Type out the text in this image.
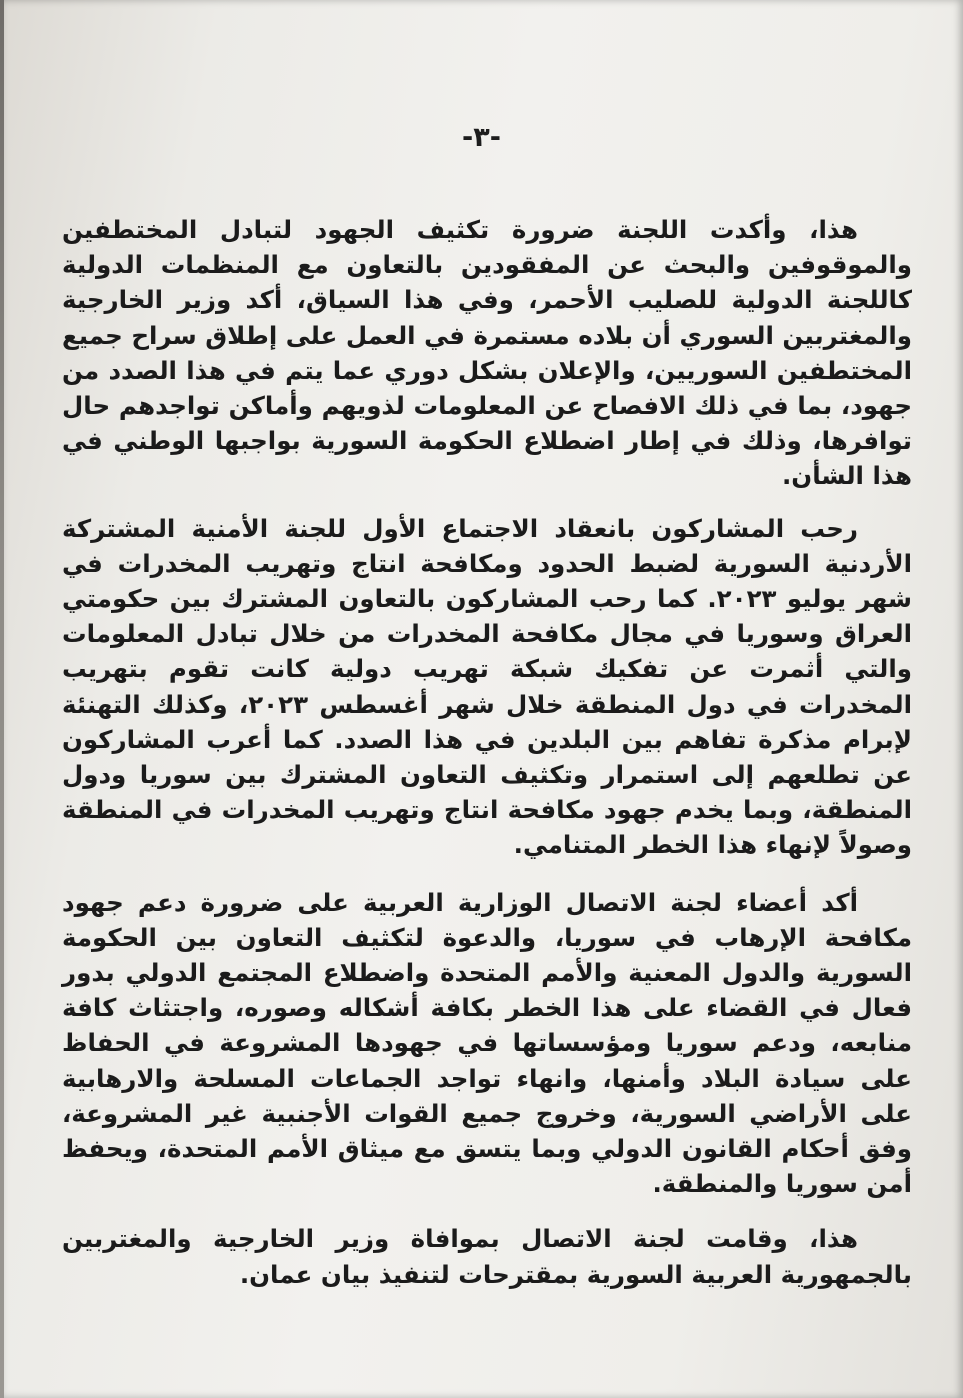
-٣-

هذا، وأكدت اللجنة ضرورة تكثيف الجهود لتبادل المختطفين والموقوفين والبحث عن المفقودين بالتعاون مع المنظمات الدولية كاللجنة الدولية للصليب الأحمر، وفي هذا السياق، أكد وزير الخارجية والمغتربين السوري أن بلاده مستمرة في العمل على إطلاق سراح جميع المختطفين السوريين، والإعلان بشكل دوري عما يتم في هذا الصدد من جهود، بما في ذلك الافصاح عن المعلومات لذويهم وأماكن تواجدهم حال توافرها، وذلك في إطار اضطلاع الحكومة السورية بواجبها الوطني في هذا الشأن.

رحب المشاركون بانعقاد الاجتماع الأول للجنة الأمنية المشتركة الأردنية السورية لضبط الحدود ومكافحة انتاج وتهريب المخدرات في شهر يوليو ٢٠٢٣. كما رحب المشاركون بالتعاون المشترك بين حكومتي العراق وسوريا في مجال مكافحة المخدرات من خلال تبادل المعلومات والتي أثمرت عن تفكيك شبكة تهريب دولية كانت تقوم بتهريب المخدرات في دول المنطقة خلال شهر أغسطس ٢٠٢٣، وكذلك التهنئة لإبرام مذكرة تفاهم بين البلدين في هذا الصدد. كما أعرب المشاركون عن تطلعهم إلى استمرار وتكثيف التعاون المشترك بين سوريا ودول المنطقة، وبما يخدم جهود مكافحة انتاج وتهريب المخدرات في المنطقة وصولاً لإنهاء هذا الخطر المتنامي.

أكد أعضاء لجنة الاتصال الوزارية العربية على ضرورة دعم جهود مكافحة الإرهاب في سوريا، والدعوة لتكثيف التعاون بين الحكومة السورية والدول المعنية والأمم المتحدة واضطلاع المجتمع الدولي بدور فعال في القضاء على هذا الخطر بكافة أشكاله وصوره، واجتثاث كافة منابعه، ودعم سوريا ومؤسساتها في جهودها المشروعة في الحفاظ على سيادة البلاد وأمنها، وانهاء تواجد الجماعات المسلحة والارهابية على الأراضي السورية، وخروج جميع القوات الأجنبية غير المشروعة، وفق أحكام القانون الدولي وبما يتسق مع ميثاق الأمم المتحدة، ويحفظ أمن سوريا والمنطقة.

هذا، وقامت لجنة الاتصال بموافاة وزير الخارجية والمغتربين بالجمهورية العربية السورية بمقترحات لتنفيذ بيان عمان.
